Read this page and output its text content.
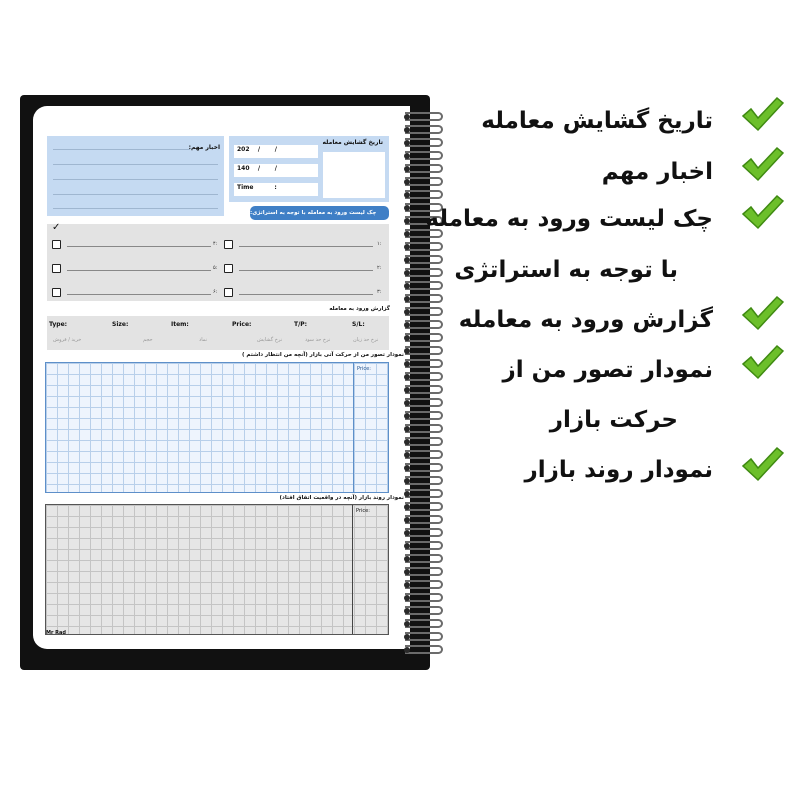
تاریخ گشایش معامله
202    /       /
140    /       /
Time          :
اخبار مهم:
چک لیست ورود به معامله با توجه به استراتژی:
✓
۴:
۵:
۶:
۱:
۲:
۳:
گزارش ورود به معامله
Type:	Size:	Item:	Price:	T/P:	S/L:
خرید / فروش	حجم	نماد	نرخ گشایش	نرخ حد سود	نرخ حد زیان
نمودار تصور من از حرکت آتی بازار (آنچه من انتظار داشتم )
Price:
نمودار روند بازار (آنچه در واقعیت اتفاق افتاد)
Price:
Mr Rad
تاریخ گشایش معامله
اخبار مهم
چک لیست ورود به معامله
با توجه به استراتژی
گزارش ورود به معامله
نمودار تصور من از
حرکت بازار
نمودار روند بازار
